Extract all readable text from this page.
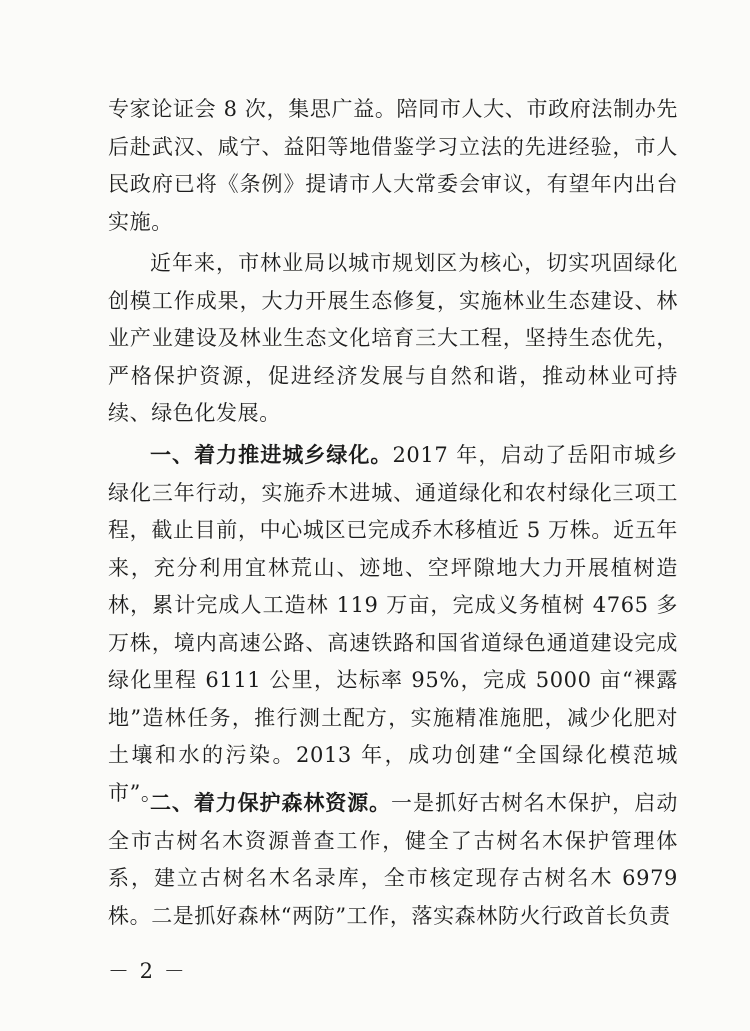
专家论证会 8 次，集思广益。陪同市人大、市政府法制办先后赴武汉、咸宁、益阳等地借鉴学习立法的先进经验，市人民政府已将《条例》提请市人大常委会审议，有望年内出台实施。

近年来，市林业局以城市规划区为核心，切实巩固绿化创模工作成果，大力开展生态修复，实施林业生态建设、林业产业建设及林业生态文化培育三大工程，坚持生态优先，严格保护资源，促进经济发展与自然和谐，推动林业可持续、绿色化发展。

一、着力推进城乡绿化。2017 年，启动了岳阳市城乡绿化三年行动，实施乔木进城、通道绿化和农村绿化三项工程，截止目前，中心城区已完成乔木移植近 5 万株。近五年来，充分利用宜林荒山、迹地、空坪隙地大力开展植树造林，累计完成人工造林 119 万亩，完成义务植树 4765 多万株，境内高速公路、高速铁路和国省道绿色通道建设完成绿化里程 6111 公里，达标率 95%，完成 5000 亩“裸露地”造林任务，推行测土配方，实施精准施肥，减少化肥对土壤和水的污染。2013 年，成功创建“全国绿化模范城市”。

二、着力保护森林资源。一是抓好古树名木保护，启动全市古树名木资源普查工作，健全了古树名木保护管理体系，建立古树名木名录库，全市核定现存古树名木 6979 株。二是抓好森林“两防”工作，落实森林防火行政首长负责

－ 2 －
